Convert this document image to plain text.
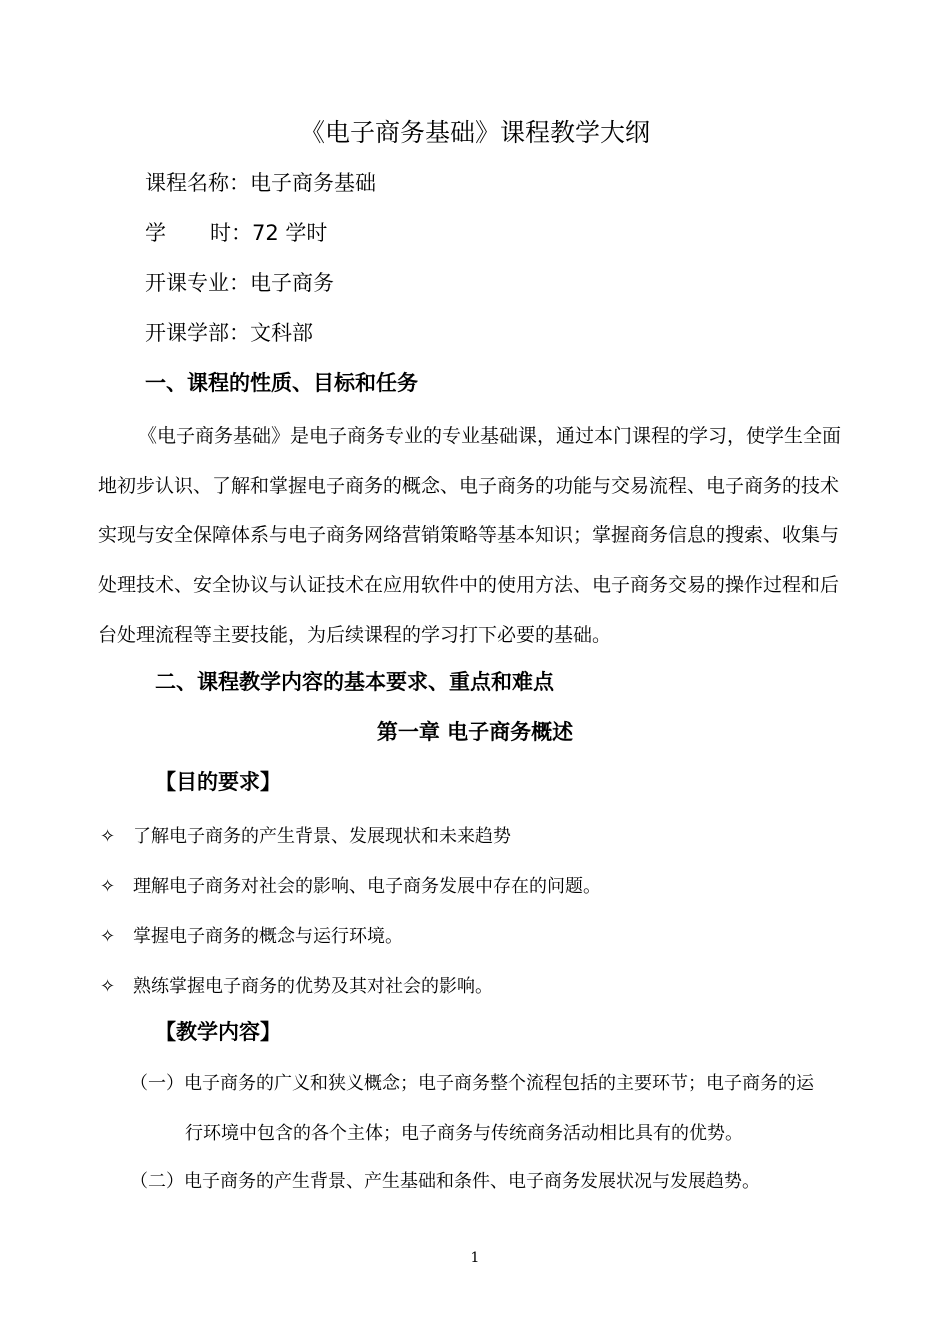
《电子商务基础》课程教学大纲
课程名称：电子商务基础
学 时：72 学时
开课专业：电子商务
开课学部：文科部
一、课程的性质、目标和任务
《电子商务基础》是电子商务专业的专业基础课，通过本门课程的学习，使学生全面
地初步认识、了解和掌握电子商务的概念、电子商务的功能与交易流程、电子商务的技术
实现与安全保障体系与电子商务网络营销策略等基本知识；掌握商务信息的搜索、收集与
处理技术、安全协议与认证技术在应用软件中的使用方法、电子商务交易的操作过程和后
台处理流程等主要技能，为后续课程的学习打下必要的基础。
二、课程教学内容的基本要求、重点和难点
第一章 电子商务概述
【目的要求】
✧ 了解电子商务的产生背景、发展现状和未来趋势
✧ 理解电子商务对社会的影响、电子商务发展中存在的问题。
✧ 掌握电子商务的概念与运行环境。
✧ 熟练掌握电子商务的优势及其对社会的影响。
【教学内容】
（一）电子商务的广义和狭义概念；电子商务整个流程包括的主要环节；电子商务的运
行环境中包含的各个主体；电子商务与传统商务活动相比具有的优势。
（二）电子商务的产生背景、产生基础和条件、电子商务发展状况与发展趋势。
1
